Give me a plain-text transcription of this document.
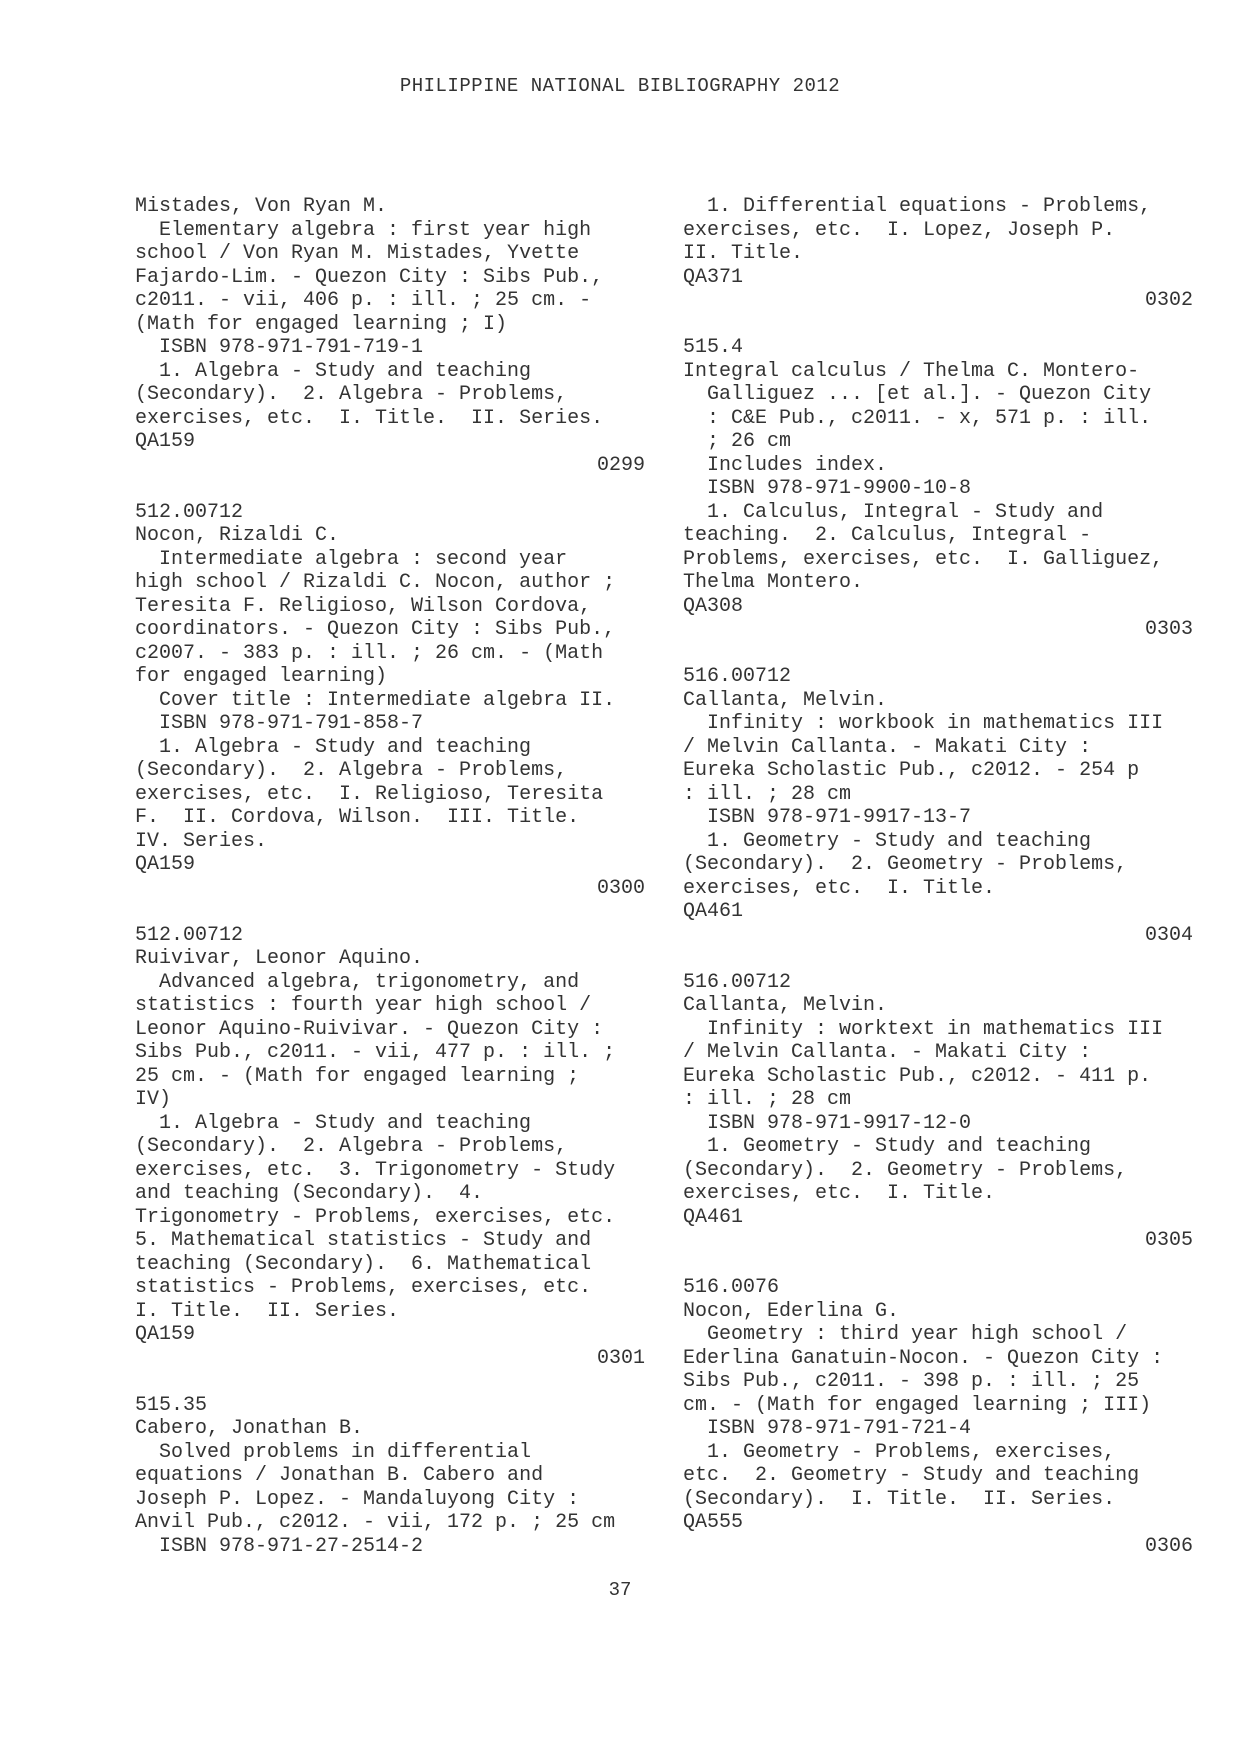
PHILIPPINE NATIONAL BIBLIOGRAPHY 2012
Mistades, Von Ryan M.
Elementary algebra : first year high
school / Von Ryan M. Mistades, Yvette
Fajardo-Lim. - Quezon City : Sibs Pub.,
c2011. - vii, 406 p. : ill. ; 25 cm. -
(Math for engaged learning ; I)
ISBN 978-971-791-719-1
1. Algebra - Study and teaching
(Secondary).  2. Algebra - Problems,
exercises, etc.  I. Title.  II. Series.
QA159
0299
512.00712
Nocon, Rizaldi C.
Intermediate algebra : second year
high school / Rizaldi C. Nocon, author ;
Teresita F. Religioso, Wilson Cordova,
coordinators. - Quezon City : Sibs Pub.,
c2007. - 383 p. : ill. ; 26 cm. - (Math
for engaged learning)
Cover title : Intermediate algebra II.
ISBN 978-971-791-858-7
1. Algebra - Study and teaching
(Secondary).  2. Algebra - Problems,
exercises, etc.  I. Religioso, Teresita
F.  II. Cordova, Wilson.  III. Title.
IV. Series.
QA159
0300
512.00712
Ruivivar, Leonor Aquino.
Advanced algebra, trigonometry, and
statistics : fourth year high school /
Leonor Aquino-Ruivivar. - Quezon City :
Sibs Pub., c2011. - vii, 477 p. : ill. ;
25 cm. - (Math for engaged learning ;
IV)
1. Algebra - Study and teaching
(Secondary).  2. Algebra - Problems,
exercises, etc.  3. Trigonometry - Study
and teaching (Secondary).  4.
Trigonometry - Problems, exercises, etc.
5. Mathematical statistics - Study and
teaching (Secondary).  6. Mathematical
statistics - Problems, exercises, etc.
I. Title.  II. Series.
QA159
0301
515.35
Cabero, Jonathan B.
Solved problems in differential
equations / Jonathan B. Cabero and
Joseph P. Lopez. - Mandaluyong City :
Anvil Pub., c2012. - vii, 172 p. ; 25 cm
ISBN 978-971-27-2514-2
1. Differential equations - Problems,
exercises, etc.  I. Lopez, Joseph P.
II. Title.
QA371
0302
515.4
Integral calculus / Thelma C. Montero-
Galliguez ... [et al.]. - Quezon City
: C&E Pub., c2011. - x, 571 p. : ill.
; 26 cm
Includes index.
ISBN 978-971-9900-10-8
1. Calculus, Integral - Study and
teaching.  2. Calculus, Integral -
Problems, exercises, etc.  I. Galliguez,
Thelma Montero.
QA308
0303
516.00712
Callanta, Melvin.
Infinity : workbook in mathematics III
/ Melvin Callanta. - Makati City :
Eureka Scholastic Pub., c2012. - 254 p
: ill. ; 28 cm
ISBN 978-971-9917-13-7
1. Geometry - Study and teaching
(Secondary).  2. Geometry - Problems,
exercises, etc.  I. Title.
QA461
0304
516.00712
Callanta, Melvin.
Infinity : worktext in mathematics III
/ Melvin Callanta. - Makati City :
Eureka Scholastic Pub., c2012. - 411 p.
: ill. ; 28 cm
ISBN 978-971-9917-12-0
1. Geometry - Study and teaching
(Secondary).  2. Geometry - Problems,
exercises, etc.  I. Title.
QA461
0305
516.0076
Nocon, Ederlina G.
Geometry : third year high school /
Ederlina Ganatuin-Nocon. - Quezon City :
Sibs Pub., c2011. - 398 p. : ill. ; 25
cm. - (Math for engaged learning ; III)
ISBN 978-971-791-721-4
1. Geometry - Problems, exercises,
etc.  2. Geometry - Study and teaching
(Secondary).  I. Title.  II. Series.
QA555
0306
37
